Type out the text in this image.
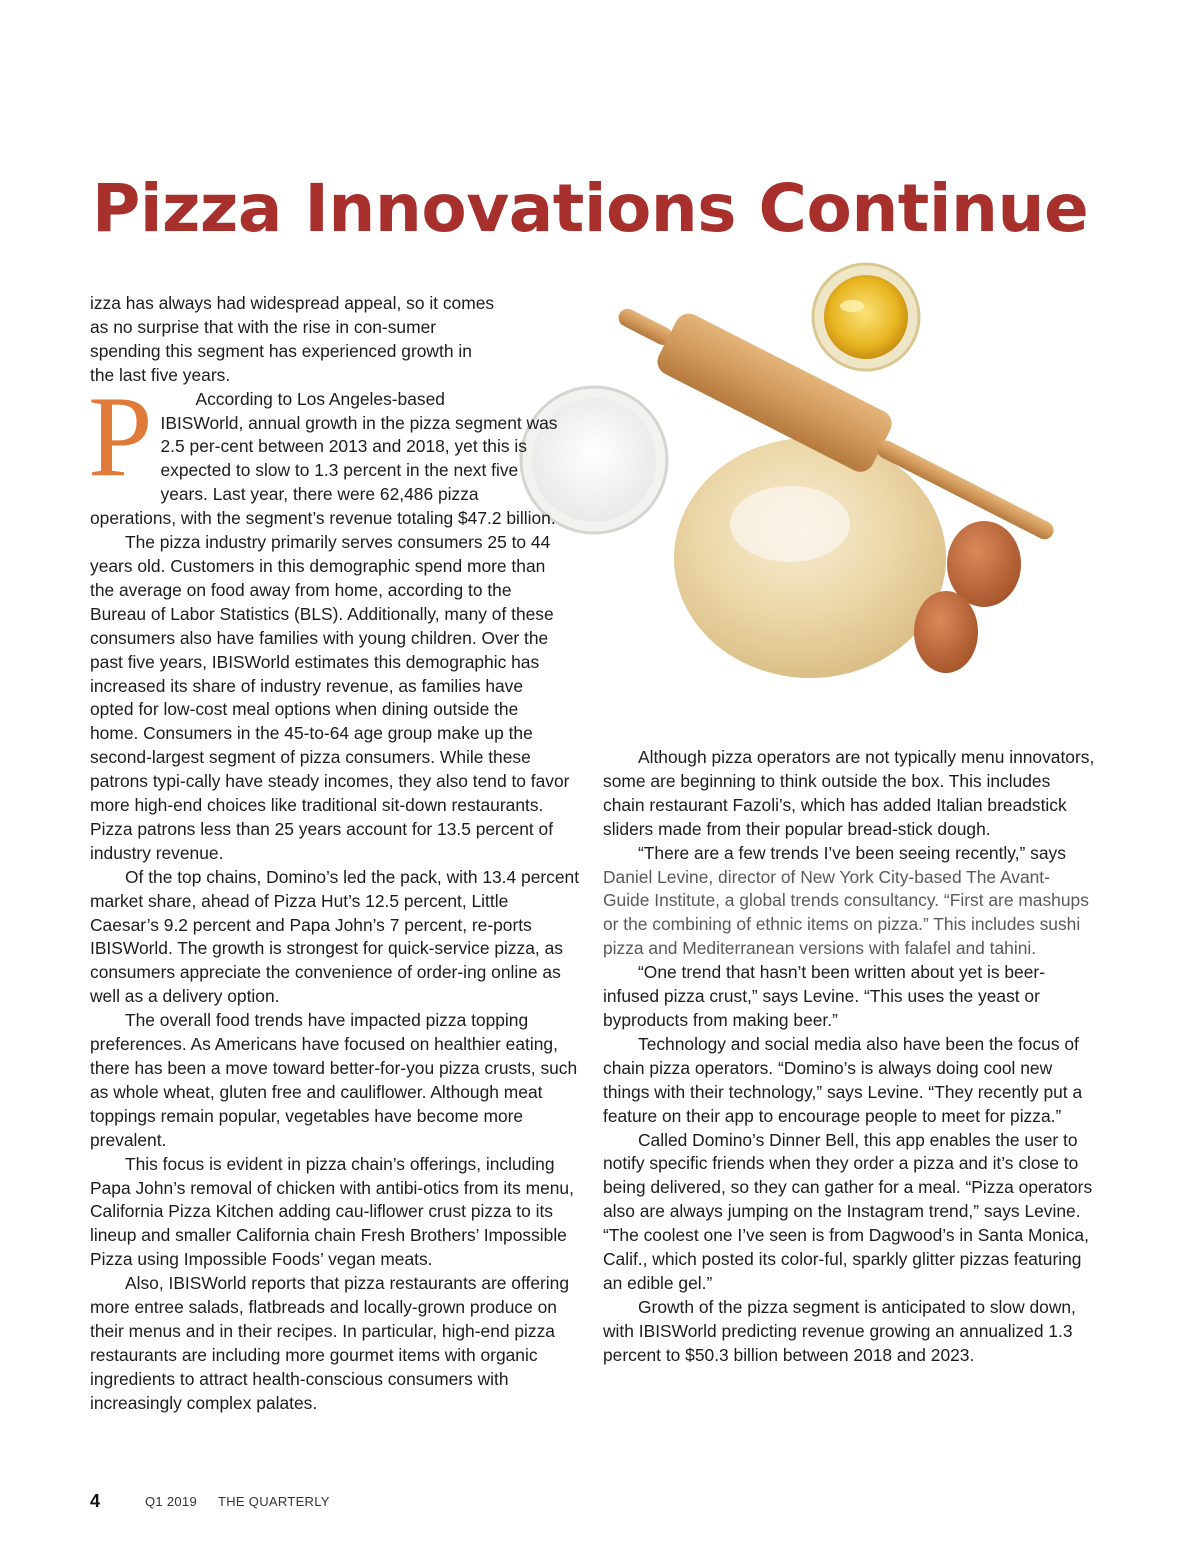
Pizza Innovations Continue

P
izza has always had widespread appeal, so it comes as no surprise that with the rise in con-sumer spending this segment has experienced growth in the last five years.

According to Los Angeles-based IBISWorld, annual growth in the pizza segment was 2.5 per-cent between 2013 and 2018, yet this is expected to slow to 1.3 percent in the next five years. Last year, there were 62,486 pizza operations, with the segment’s revenue totaling $47.2 billion.

The pizza industry primarily serves consumers 25 to 44 years old. Customers in this demographic spend more than the average on food away from home, according to the Bureau of Labor Statistics (BLS). Additionally, many of these consumers also have families with young children. Over the past five years, IBISWorld estimates this demographic has increased its share of industry revenue, as families have opted for low-cost meal options when dining outside the home. Consumers in the 45-to-64 age group make up the second-largest segment of pizza consumers. While these patrons typi-cally have steady incomes, they also tend to favor more high-end choices like traditional sit-down restaurants. Pizza patrons less than 25 years account for 13.5 percent of industry revenue.

Of the top chains, Domino’s led the pack, with 13.4 percent market share, ahead of Pizza Hut’s 12.5 percent, Little Caesar’s 9.2 percent and Papa John’s 7 percent, re-ports IBISWorld. The growth is strongest for quick-service pizza, as consumers appreciate the convenience of order-ing online as well as a delivery option.

The overall food trends have impacted pizza topping preferences. As Americans have focused on healthier eating, there has been a move toward better-for-you pizza crusts, such as whole wheat, gluten free and cauliflower. Although meat toppings remain popular, vegetables have become more prevalent.

This focus is evident in pizza chain’s offerings, including Papa John’s removal of chicken with antibi-otics from its menu, California Pizza Kitchen adding cau-liflower crust pizza to its lineup and smaller California chain Fresh Brothers’ Impossible Pizza using Impossible Foods’ vegan meats.

Also, IBISWorld reports that pizza restaurants are offering more entree salads, flatbreads and locally-grown produce on their menus and in their recipes. In particular, high-end pizza restaurants are including more gourmet items with organic ingredients to attract health-conscious consumers with increasingly complex palates.

Although pizza operators are not typically menu innovators, some are beginning to think outside the box. This includes chain restaurant Fazoli’s, which has added Italian breadstick sliders made from their popular bread-stick dough.

“There are a few trends I’ve been seeing recently,” says Daniel Levine, director of New York City-based The Avant-Guide Institute, a global trends consultancy. “First are mashups or the combining of ethnic items on pizza.” This includes sushi pizza and Mediterranean versions with falafel and tahini.

“One trend that hasn’t been written about yet is beer-infused pizza crust,” says Levine. “This uses the yeast or byproducts from making beer.”

Technology and social media also have been the focus of chain pizza operators. “Domino’s is always doing cool new things with their technology,” says Levine. “They recently put a feature on their app to encourage people to meet for pizza.”

Called Domino’s Dinner Bell, this app enables the user to notify specific friends when they order a pizza and it’s close to being delivered, so they can gather for a meal. “Pizza operators also are always jumping on the Instagram trend,” says Levine. “The coolest one I’ve seen is from Dagwood’s in Santa Monica, Calif., which posted its color-ful, sparkly glitter pizzas featuring an edible gel.”

Growth of the pizza segment is anticipated to slow down, with IBISWorld predicting revenue growing an annualized 1.3 percent to $50.3 billion between 2018 and 2023.

4	Q1 2019 THE QUARTERLY
